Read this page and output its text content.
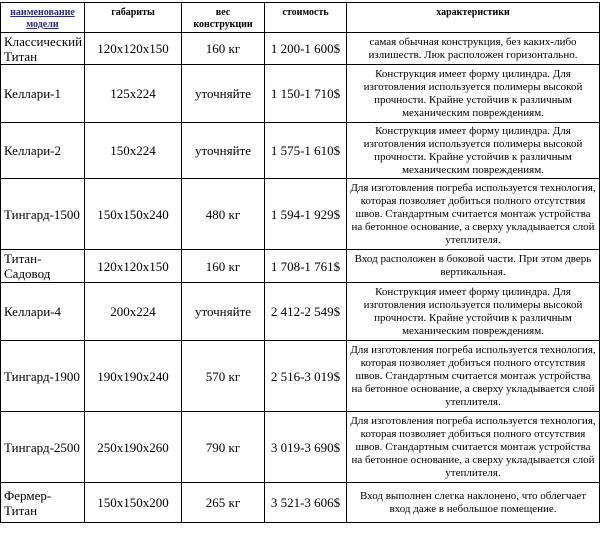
наименование модели	габариты	вес конструкции	стоимость	характеристики
Классический Титан	120x120x150	160 кг	1 200-1 600$	самая обычная конструкция, без каких-либо излишеств. Люк расположен горизонтально.
Келлари-1	125x224	уточняйте	1 150-1 710$	Конструкция имеет форму цилиндра. Для изготовления используется полимеры высокой прочности. Крайне устойчив к различным механическим повреждениям.
Келлари-2	150x224	уточняйте	1 575-1 610$	Конструкция имеет форму цилиндра. Для изготовления используется полимеры высокой прочности. Крайне устойчив к различным механическим повреждениям.
Тингард-1500	150x150x240	480 кг	1 594-1 929$	Для изготовления погреба используется технология, которая позволяет добиться полного отсутствия швов. Стандартным считается монтаж устройства на бетонное основание, а сверху укладывается слой утеплителя.
Титан-Садовод	120x120x150	160 кг	1 708-1 761$	Вход расположен в боковой части. При этом дверь вертикальная.
Келлари-4	200x224	уточняйте	2 412-2 549$	Конструкция имеет форму цилиндра. Для изготовления используется полимеры высокой прочности. Крайне устойчив к различным механическим повреждениям.
Тингард-1900	190x190x240	570 кг	2 516-3 019$	Для изготовления погреба используется технология, которая позволяет добиться полного отсутствия швов. Стандартным считается монтаж устройства на бетонное основание, а сверху укладывается слой утеплителя.
Тингард-2500	250x190x260	790 кг	3 019-3 690$	Для изготовления погреба используется технология, которая позволяет добиться полного отсутствия швов. Стандартным считается монтаж устройства на бетонное основание, а сверху укладывается слой утеплителя.
Фермер-Титан	150x150x200	265 кг	3 521-3 606$	Вход выполнен слегка наклонено, что облегчает вход даже в небольшое помещение.
